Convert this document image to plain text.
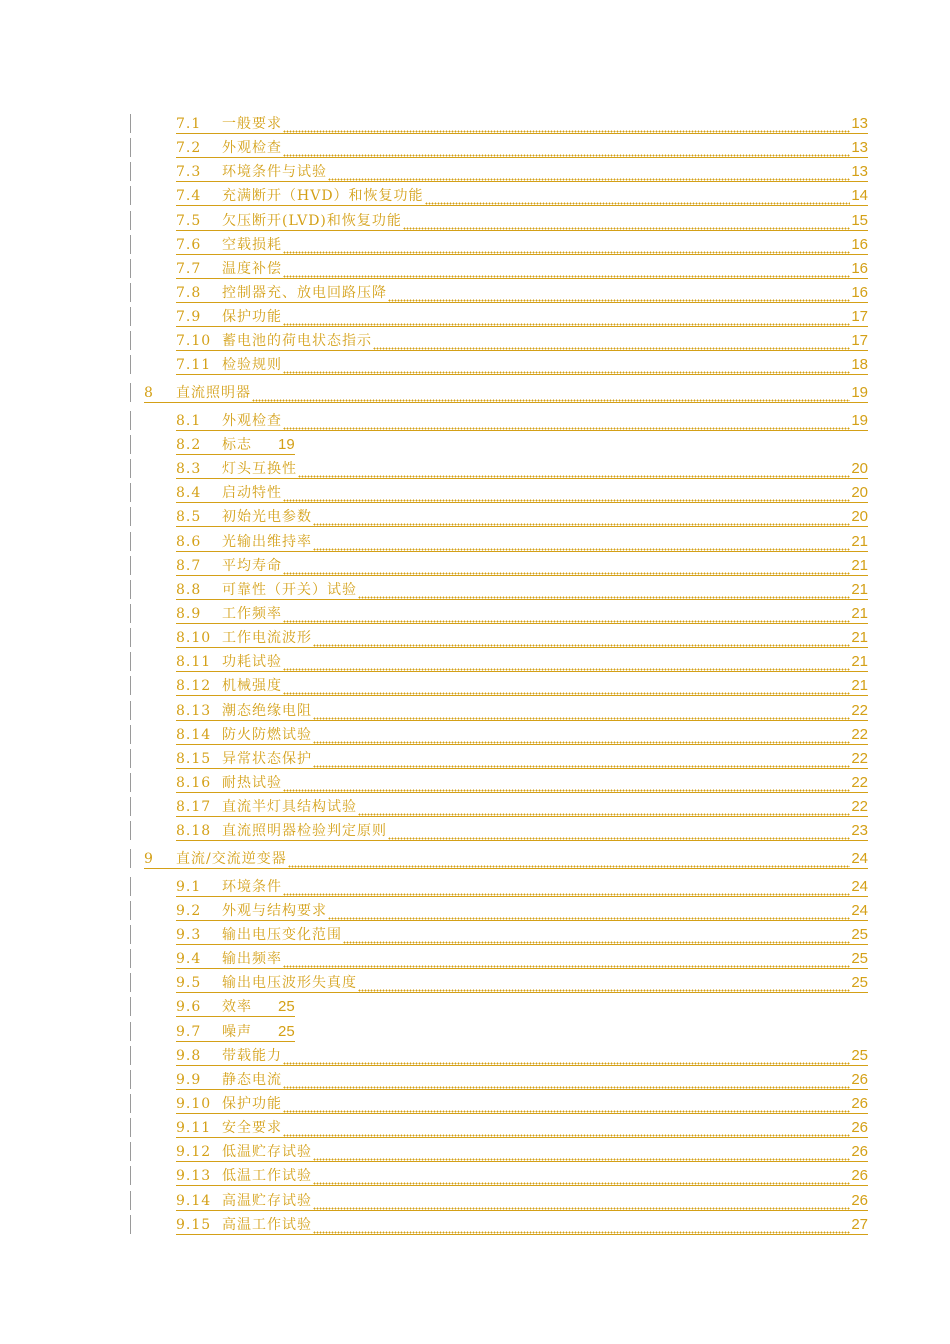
7.1	一般要求	13
7.2	外观检查	13
7.3	环境条件与试验	13
7.4	充满断开（HVD）和恢复功能	14
7.5	欠压断开(LVD)和恢复功能	15
7.6	空载损耗	16
7.7	温度补偿	16
7.8	控制器充、放电回路压降	16
7.9	保护功能	17
7.10 蓄电池的荷电状态指示	17
7.11 检验规则	18
8	直流照明器	19
8.1	外观检查	19
8.2	标志 19
8.3	灯头互换性	20
8.4	启动特性	20
8.5	初始光电参数	20
8.6	光输出维持率	21
8.7	平均寿命	21
8.8	可靠性（开关）试验	21
8.9	工作频率	21
8.10 工作电流波形	21
8.11 功耗试验	21
8.12 机械强度	21
8.13 潮态绝缘电阻	22
8.14 防火防燃试验	22
8.15 异常状态保护	22
8.16 耐热试验	22
8.17 直流半灯具结构试验	22
8.18 直流照明器检验判定原则	23
9	直流/交流逆变器	24
9.1	环境条件	24
9.2	外观与结构要求	24
9.3	输出电压变化范围	25
9.4	输出频率	25
9.5	输出电压波形失真度	25
9.6	效率 25
9.7	噪声 25
9.8	带载能力	25
9.9	静态电流	26
9.10 保护功能	26
9.11 安全要求	26
9.12 低温贮存试验	26
9.13 低温工作试验	26
9.14 高温贮存试验	26
9.15 高温工作试验	27
